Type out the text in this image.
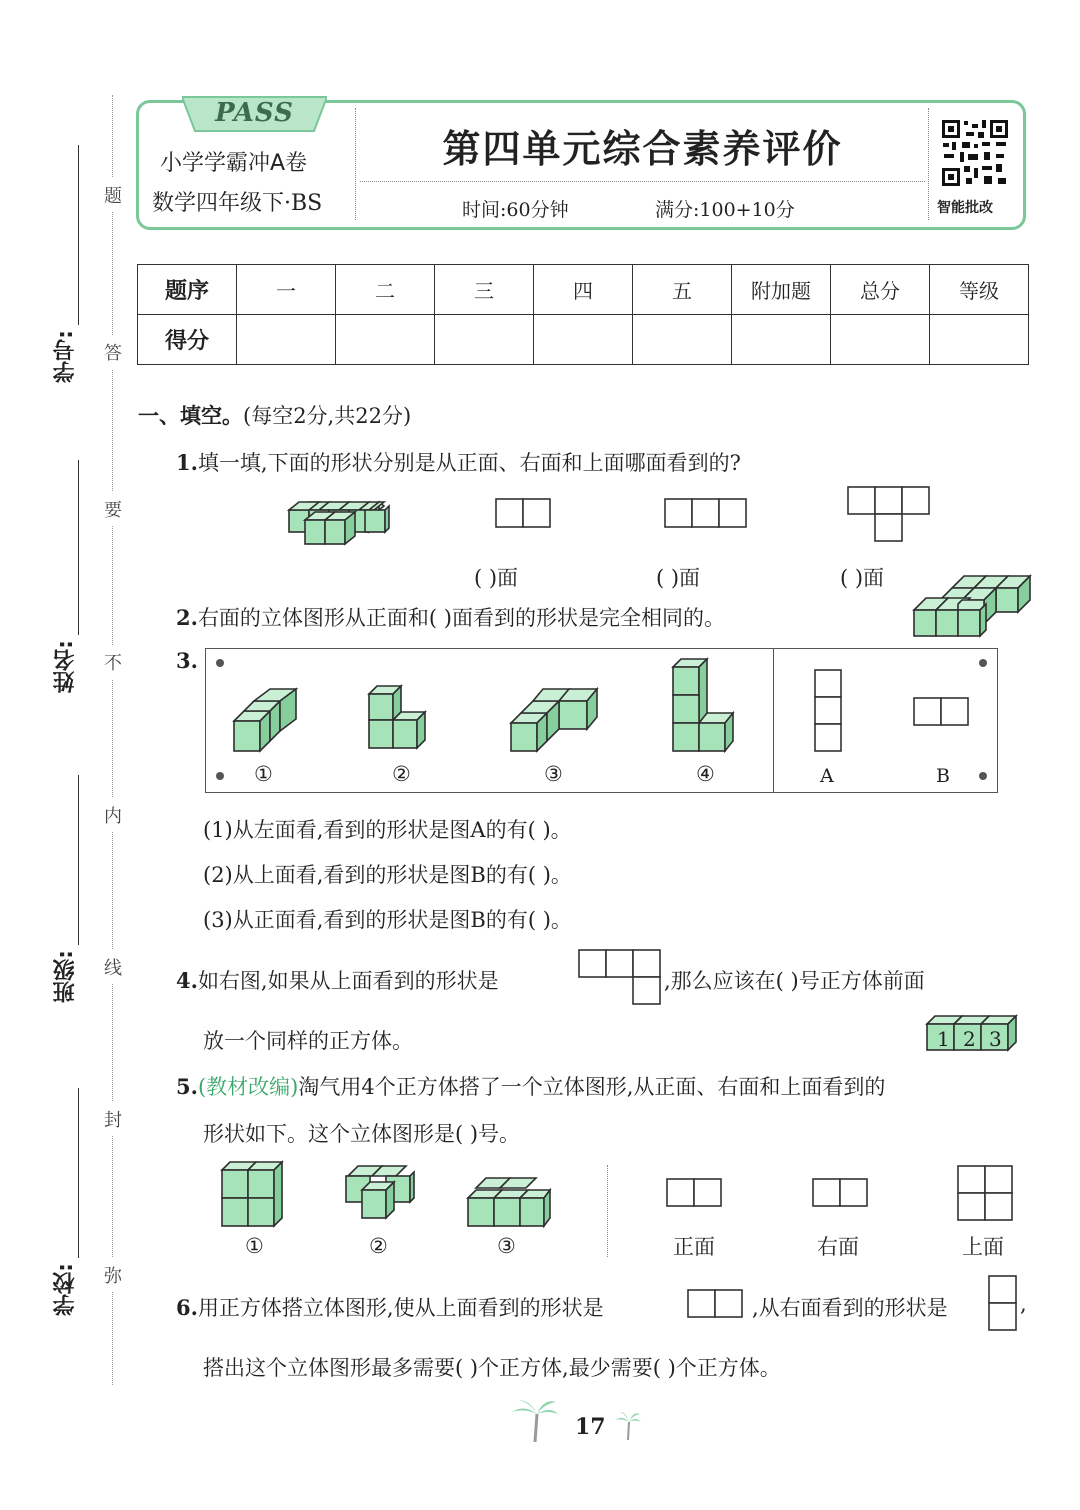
题
答
要
不
内
线
封
弥
学号:
姓名:
班级:
学校:
PASS
小学学霸冲A卷
数学四年级下·BS
第四单元综合素养评价
时间:60分钟	满分:100+10分	智能批改
题序	一	二	三	四	五	附加题	总分	等级
得分								
一、填空。(每空2分,共22分)
1.填一填,下面的形状分别是从正面、右面和上面哪面看到的?
( )面	( )面	( )面
2.右面的立体图形从正面和( )面看到的形状是完全相同的。
3.
①	②	③	④	A	B
(1)从左面看,看到的形状是图A的有( )。
(2)从上面看,看到的形状是图B的有( )。
(3)从正面看,看到的形状是图B的有( )。
4.如右图,如果从上面看到的形状是	,那么应该在( )号正方体前面
放一个同样的正方体。	1 2 3
5.(教材改编)淘气用4个正方体搭了一个立体图形,从正面、右面和上面看到的
形状如下。这个立体图形是( )号。
①	②	③	正面	右面	上面
6.用正方体搭立体图形,使从上面看到的形状是	,从右面看到的形状是	,
搭出这个立体图形最多需要( )个正方体,最少需要( )个正方体。
17
